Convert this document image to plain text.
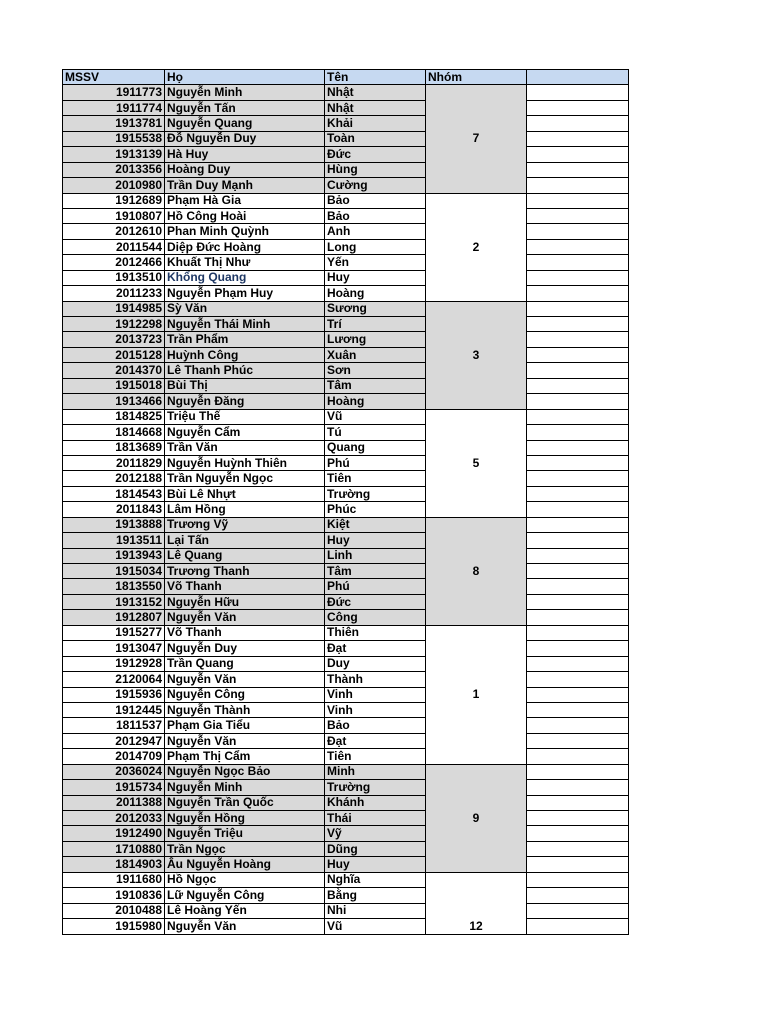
MSSV	Họ	Tên	Nhóm	
1911773	Nguyễn Minh	Nhật	7	
1911774	Nguyễn Tấn	Nhật		
1913781	Nguyễn Quang	Khải		
1915538	Đỗ Nguyễn Duy	Toàn		
1913139	Hà Huy	Đức		
2013356	Hoàng Duy	Hùng		
2010980	Trần Duy Mạnh	Cường		
1912689	Phạm Hà Gia	Bảo	2	
1910807	Hồ Công Hoài	Bảo		
2012610	Phan Minh Quỳnh	Anh		
2011544	Diệp Đức Hoàng	Long		
2012466	Khuất Thị Như	Yến		
1913510	Khổng Quang	Huy		
2011233	Nguyễn Phạm Huy	Hoàng		
1914985	Sỳ Văn	Sương	3	
1912298	Nguyễn Thái Minh	Trí		
2013723	Trần Phẩm	Lương		
2015128	Huỳnh Công	Xuân		
2014370	Lê Thanh Phúc	Sơn		
1915018	Bùi Thị	Tâm		
1913466	Nguyễn Đăng	Hoàng		
1814825	Triệu Thế	Vũ	5	
1814668	Nguyễn Cẩm	Tú		
1813689	Trần Văn	Quang		
2011829	Nguyễn Huỳnh Thiên	Phú		
2012188	Trần Nguyễn Ngọc	Tiên		
1814543	Bùi Lê Nhựt	Trường		
2011843	Lâm Hồng	Phúc		
1913888	Trương Vỹ	Kiệt	8	
1913511	Lại Tấn	Huy		
1913943	Lê Quang	Linh		
1915034	Trương Thanh	Tâm		
1813550	Võ Thanh	Phú		
1913152	Nguyễn Hữu	Đức		
1912807	Nguyễn Văn	Công		
1915277	Võ Thanh	Thiên	1	
1913047	Nguyễn Duy	Đạt		
1912928	Trần Quang	Duy		
2120064	Nguyễn Văn	Thành		
1915936	Nguyễn Công	Vinh		
1912445	Nguyễn Thành	Vinh		
1811537	Phạm Gia Tiểu	Bảo		
2012947	Nguyễn Văn	Đạt		
2014709	Phạm Thị Cẩm	Tiên		
2036024	Nguyễn Ngọc Bảo	Minh	9	
1915734	Nguyễn Minh	Trường		
2011388	Nguyễn Trần Quốc	Khánh		
2012033	Nguyễn Hồng	Thái		
1912490	Nguyễn Triệu	Vỹ		
1710880	Trần Ngọc	Dũng		
1814903	Âu Nguyễn Hoàng	Huy		
1911680	Hồ Ngọc	Nghĩa	12	
1910836	Lữ Nguyễn Công	Bằng		
2010488	Lê Hoàng Yến	Nhi		
1915980	Nguyễn Văn	Vũ		
